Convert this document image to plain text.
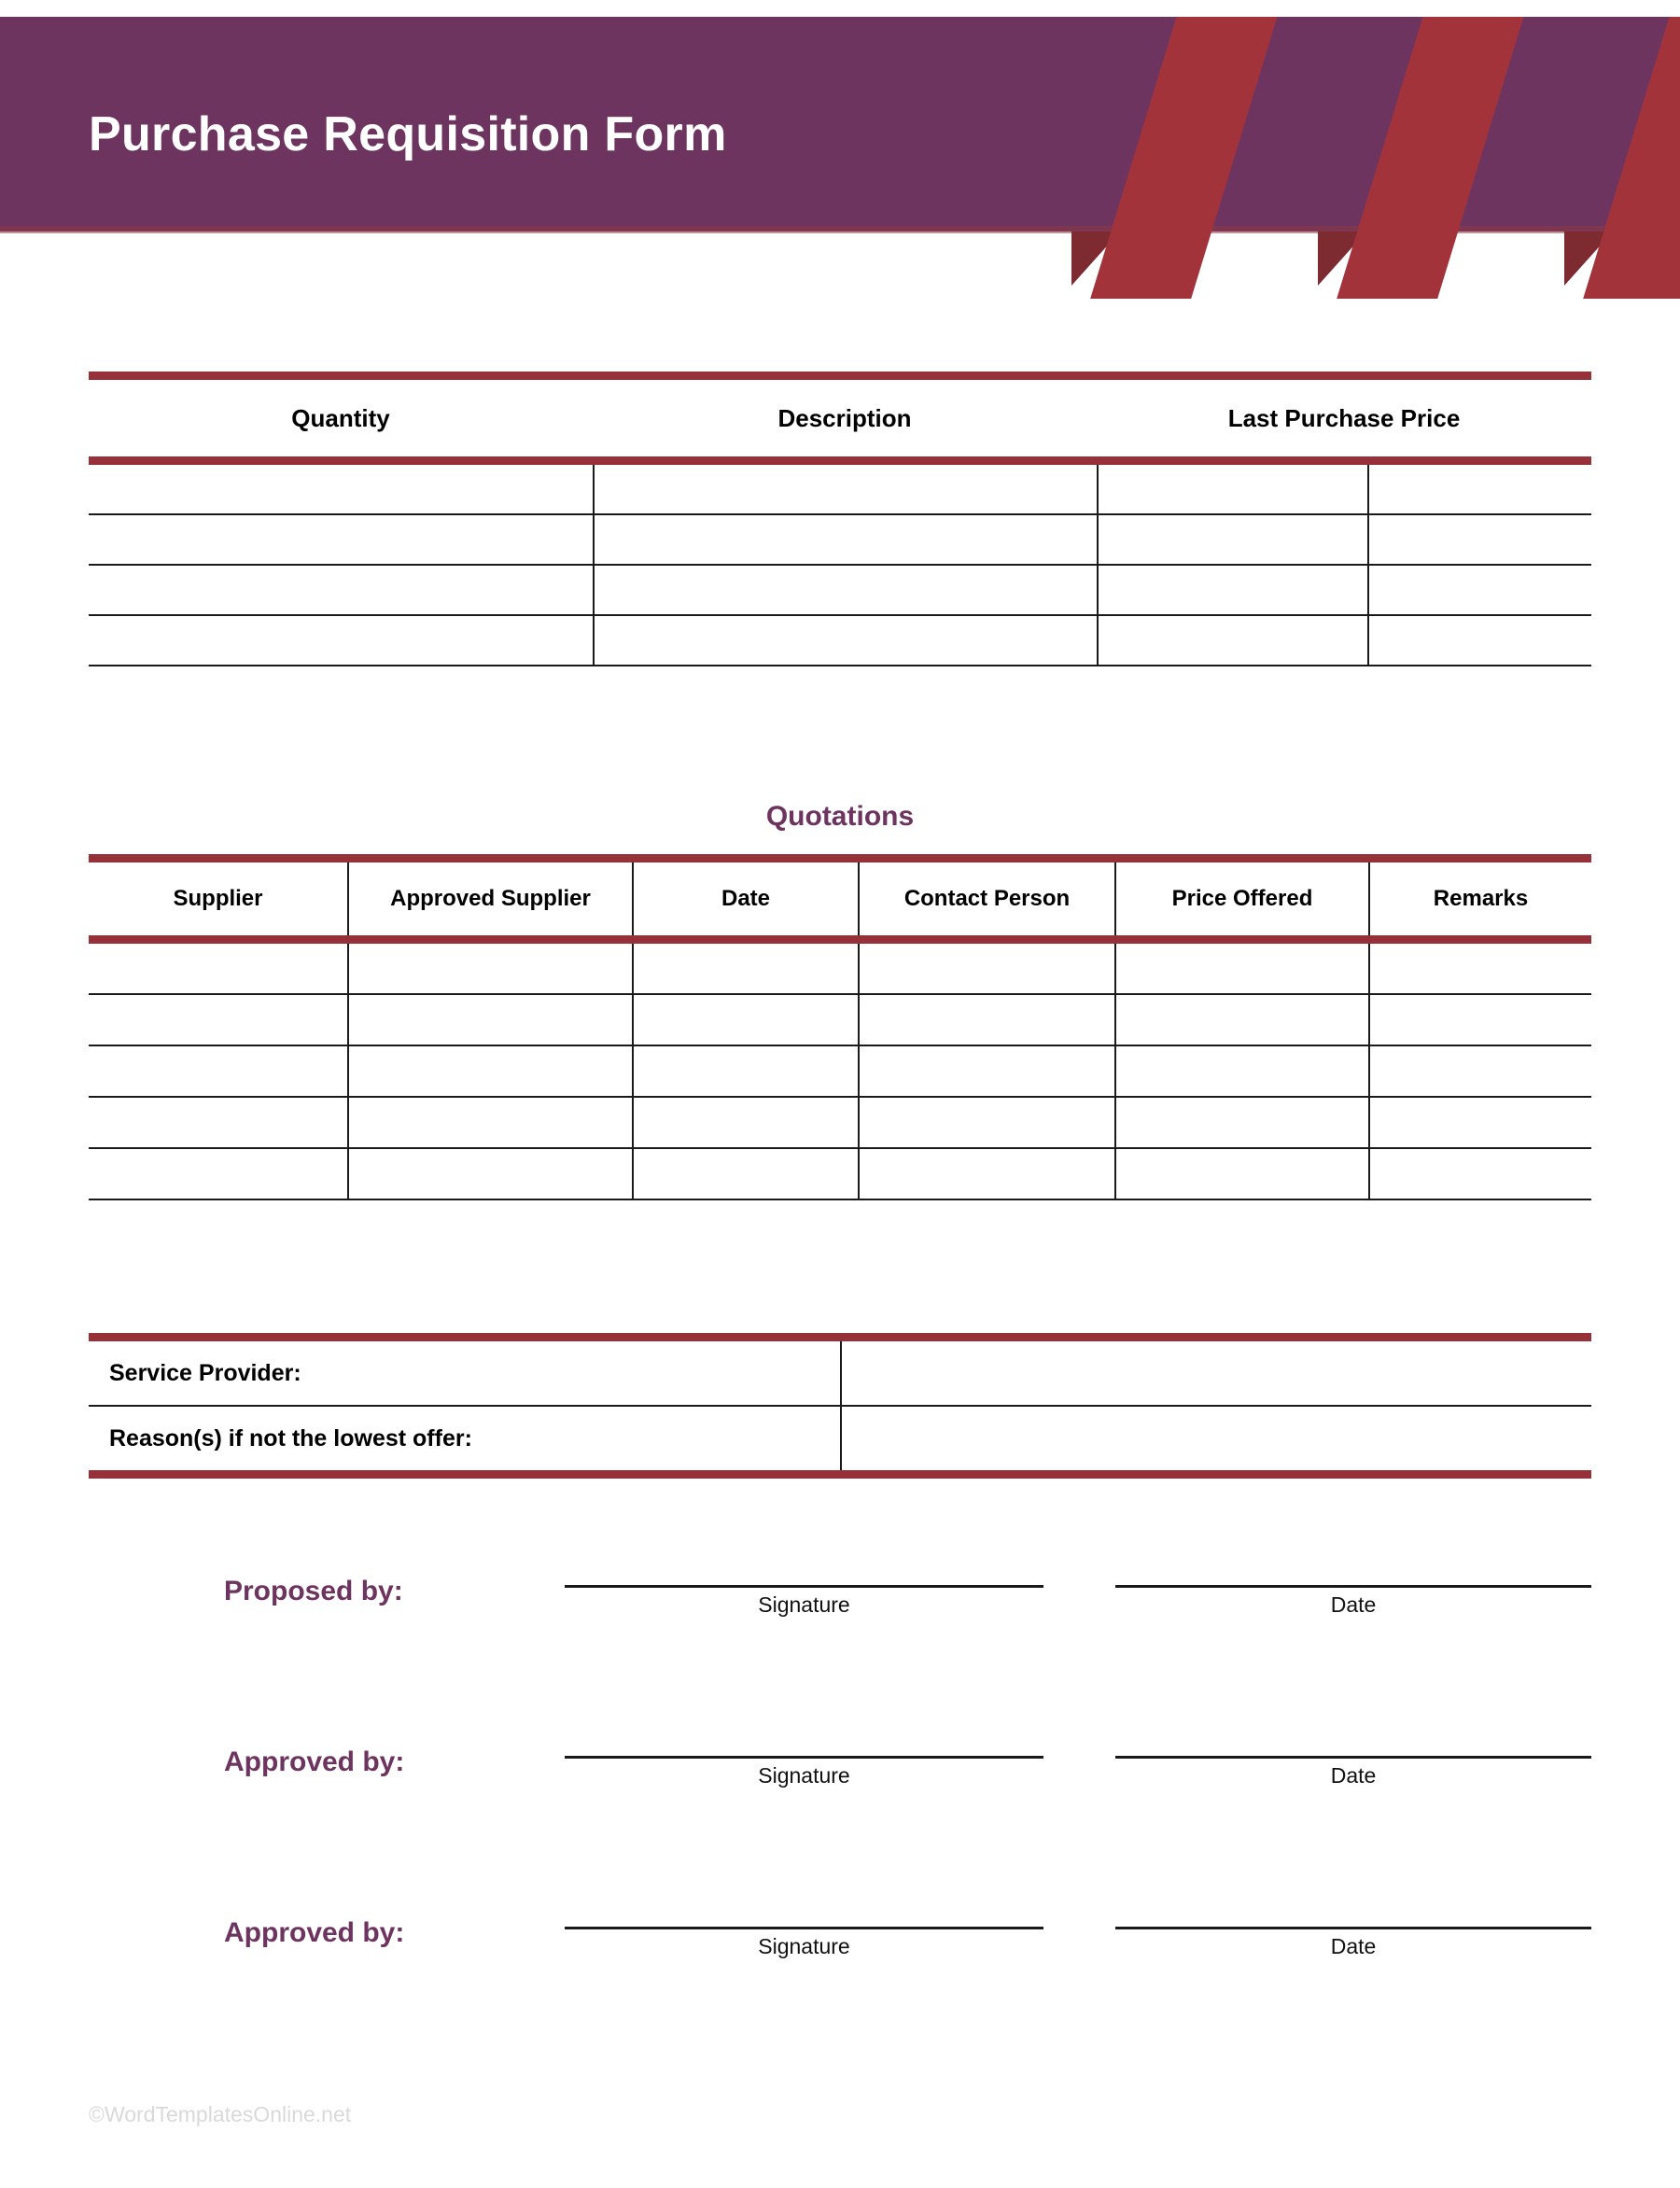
Purchase Requisition Form
Quantity	Description	Last Purchase Price
Quotations
Supplier	Approved Supplier	Date	Contact Person	Price Offered	Remarks
Service Provider:
Reason(s) if not the lowest offer:
Proposed by:	Signature	Date
Approved by:	Signature	Date
Approved by:	Signature	Date
©WordTemplatesOnline.net
